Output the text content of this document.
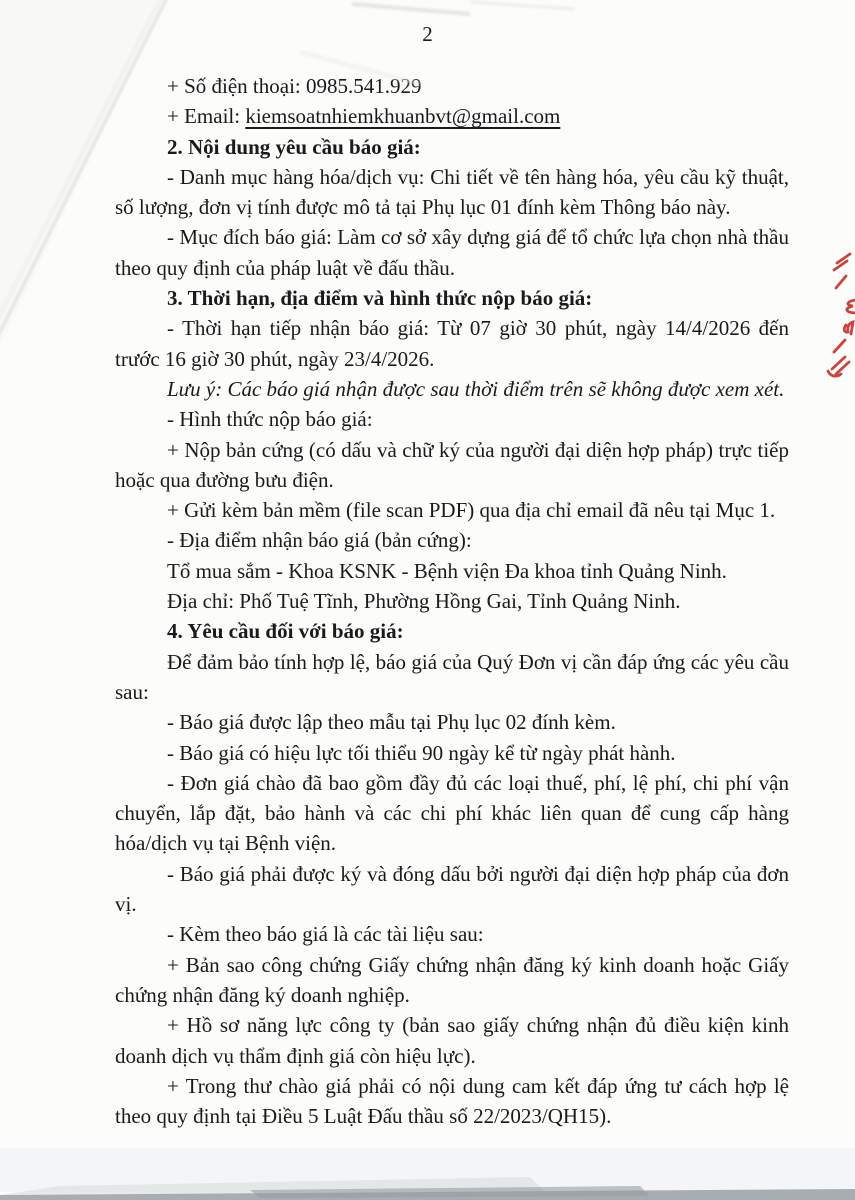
2

+ Số điện thoại: 0985.541.929

+ Email: kiemsoatnhiemkhuanbvt@gmail.com

2. Nội dung yêu cầu báo giá:

- Danh mục hàng hóa/dịch vụ: Chi tiết về tên hàng hóa, yêu cầu kỹ thuật, số lượng, đơn vị tính được mô tả tại Phụ lục 01 đính kèm Thông báo này.

- Mục đích báo giá: Làm cơ sở xây dựng giá để tổ chức lựa chọn nhà thầu theo quy định của pháp luật về đấu thầu.

3. Thời hạn, địa điểm và hình thức nộp báo giá:

- Thời hạn tiếp nhận báo giá: Từ 07 giờ 30 phút, ngày 14/4/2026 đến trước 16 giờ 30 phút, ngày 23/4/2026.

Lưu ý: Các báo giá nhận được sau thời điểm trên sẽ không được xem xét.

- Hình thức nộp báo giá:

+ Nộp bản cứng (có dấu và chữ ký của người đại diện hợp pháp) trực tiếp hoặc qua đường bưu điện.

+ Gửi kèm bản mềm (file scan PDF) qua địa chỉ email đã nêu tại Mục 1.

- Địa điểm nhận báo giá (bản cứng):

Tổ mua sắm - Khoa KSNK - Bệnh viện Đa khoa tỉnh Quảng Ninh.

Địa chỉ: Phố Tuệ Tĩnh, Phường Hồng Gai, Tỉnh Quảng Ninh.

4. Yêu cầu đối với báo giá:

Để đảm bảo tính hợp lệ, báo giá của Quý Đơn vị cần đáp ứng các yêu cầu sau:

- Báo giá được lập theo mẫu tại Phụ lục 02 đính kèm.

- Báo giá có hiệu lực tối thiểu 90 ngày kể từ ngày phát hành.

- Đơn giá chào đã bao gồm đầy đủ các loại thuế, phí, lệ phí, chi phí vận chuyển, lắp đặt, bảo hành và các chi phí khác liên quan để cung cấp hàng hóa/dịch vụ tại Bệnh viện.

- Báo giá phải được ký và đóng dấu bởi người đại diện hợp pháp của đơn vị.

- Kèm theo báo giá là các tài liệu sau:

+ Bản sao công chứng Giấy chứng nhận đăng ký kinh doanh hoặc Giấy chứng nhận đăng ký doanh nghiệp.

+ Hồ sơ năng lực công ty (bản sao giấy chứng nhận đủ điều kiện kinh doanh dịch vụ thẩm định giá còn hiệu lực).

+ Trong thư chào giá phải có nội dung cam kết đáp ứng tư cách hợp lệ theo quy định tại Điều 5 Luật Đấu thầu số 22/2023/QH15).
